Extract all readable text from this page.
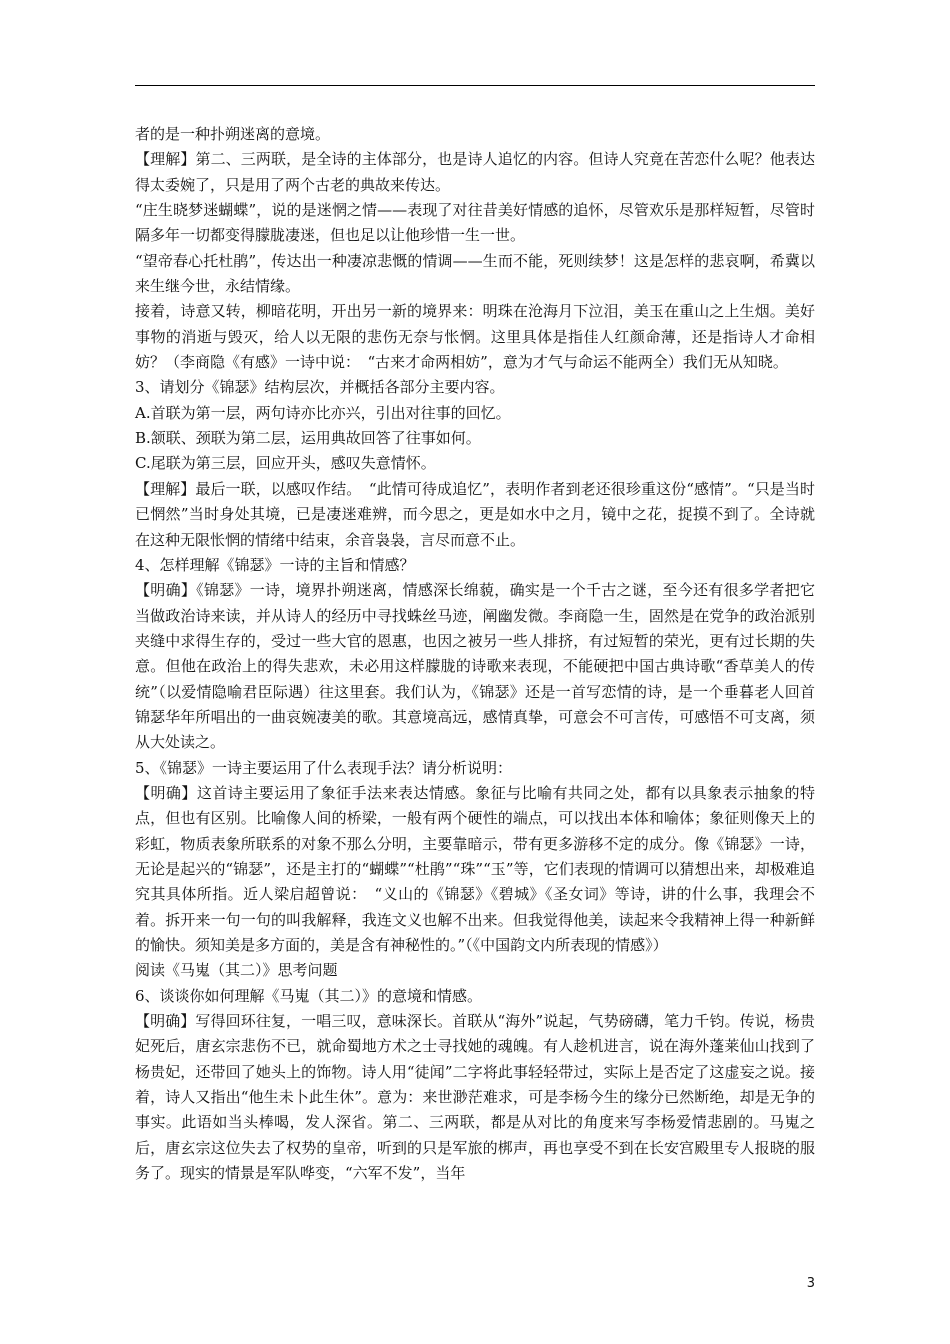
者的是一种扑朔迷离的意境。

【理解】第二、三两联，是全诗的主体部分，也是诗人追忆的内容。但诗人究竟在苦恋什么呢？他表达得太委婉了，只是用了两个古老的典故来传达。

“庄生晓梦迷蝴蝶”，说的是迷惘之情——表现了对往昔美好情感的追怀，尽管欢乐是那样短暂，尽管时隔多年一切都变得朦胧凄迷，但也足以让他珍惜一生一世。

“望帝春心托杜鹃”，传达出一种凄凉悲慨的情调——生而不能，死则续梦！这是怎样的悲哀啊，希冀以来生继今世，永结情缘。

接着，诗意又转，柳暗花明，开出另一新的境界来：明珠在沧海月下泣泪，美玉在重山之上生烟。美好事物的消逝与毁灭，给人以无限的悲伤无奈与怅惘。这里具体是指佳人红颜命薄，还是指诗人才命相妨？（李商隐《有感》一诗中说：　“古来才命两相妨”，意为才气与命运不能两全）我们无从知晓。

3、请划分《锦瑟》结构层次，并概括各部分主要内容。

A.首联为第一层，两句诗亦比亦兴，引出对往事的回忆。

B.颔联、颈联为第二层，运用典故回答了往事如何。

C.尾联为第三层，回应开头，感叹失意情怀。

【理解】最后一联，以感叹作结。　“此情可待成追忆”，表明作者到老还很珍重这份“感情”。“只是当时已惘然”当时身处其境，已是凄迷难辨，而今思之，更是如水中之月，镜中之花，捉摸不到了。全诗就在这种无限怅惘的情绪中结束，余音袅袅，言尽而意不止。

4、怎样理解《锦瑟》一诗的主旨和情感？

【明确】《锦瑟》一诗，境界扑朔迷离，情感深长绵藐，确实是一个千古之谜，至今还有很多学者把它当做政治诗来读，并从诗人的经历中寻找蛛丝马迹，阐幽发微。李商隐一生，固然是在党争的政治派别夹缝中求得生存的，受过一些大官的恩惠，也因之被另一些人排挤，有过短暂的荣光，更有过长期的失意。但他在政治上的得失悲欢，未必用这样朦胧的诗歌来表现，不能硬把中国古典诗歌“香草美人的传统”（以爱情隐喻君臣际遇）往这里套。我们认为，《锦瑟》还是一首写恋情的诗，是一个垂暮老人回首锦瑟华年所唱出的一曲哀婉凄美的歌。其意境高远，感情真挚，可意会不可言传，可感悟不可支离，须从大处读之。

5、《锦瑟》一诗主要运用了什么表现手法？请分析说明：

【明确】这首诗主要运用了象征手法来表达情感。象征与比喻有共同之处，都有以具象表示抽象的特点，但也有区别。比喻像人间的桥梁，一般有两个硬性的端点，可以找出本体和喻体；象征则像天上的彩虹，物质表象所联系的对象不那么分明，主要靠暗示，带有更多游移不定的成分。像《锦瑟》一诗，无论是起兴的“锦瑟”，还是主打的“蝴蝶”“杜鹃”“珠”“玉”等，它们表现的情调可以猜想出来，却极难追究其具体所指。近人梁启超曾说：　“义山的《锦瑟》《碧城》《圣女词》等诗，讲的什么事，我理会不着。拆开来一句一句的叫我解释，我连文义也解不出来。但我觉得他美，读起来令我精神上得一种新鲜的愉快。须知美是多方面的，美是含有神秘性的。”（《中国韵文内所表现的情感》）

阅读《马嵬（其二）》思考问题

6、谈谈你如何理解《马嵬（其二）》的意境和情感。

【明确】写得回环往复，一唱三叹，意味深长。首联从“海外”说起，气势磅礴，笔力千钧。传说，杨贵妃死后，唐玄宗悲伤不已，就命蜀地方术之士寻找她的魂魄。有人趁机进言，说在海外蓬莱仙山找到了杨贵妃，还带回了她头上的饰物。诗人用“徒闻”二字将此事轻轻带过，实际上是否定了这虚妄之说。接着，诗人又指出“他生未卜此生休”。意为：来世渺茫难求，可是李杨今生的缘分已然断绝，却是无争的事实。此语如当头棒喝，发人深省。第二、三两联，都是从对比的角度来写李杨爱情悲剧的。马嵬之后，唐玄宗这位失去了权势的皇帝，听到的只是军旅的梆声，再也享受不到在长安宫殿里专人报晓的服务了。现实的情景是军队哗变，“六军不发”，当年

3
